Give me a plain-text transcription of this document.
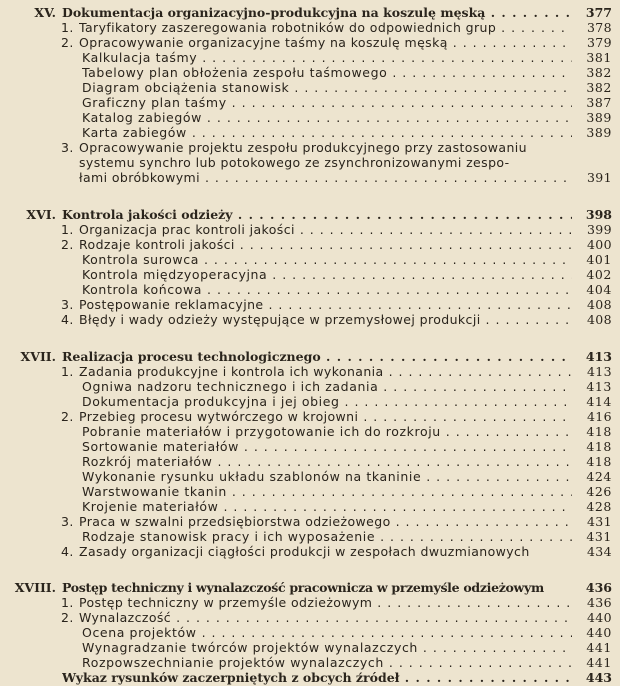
XV. Dokumentacja organizacyjno-produkcyjna na koszulę męską . . .	377
1. Taryfikatory zaszeregowania robotników do odpowiednich grup . . .	378
2. Opracowywanie organizacyjne taśmy na koszulę męską . . .	379
Kalkulacja taśmy . . .	381
Tabelowy plan obłożenia zespołu taśmowego . . .	382
Diagram obciążenia stanowisk . . .	382
Graficzny plan taśmy . . .	387
Katalog zabiegów . . .	389
Karta zabiegów . . .	389
3. Opracowywanie projektu zespołu produkcyjnego przy zastosowaniu
systemu synchro lub potokowego ze zsynchronizowanymi zespo-
łami obróbkowymi . . .	391
XVI. Kontrola jakości odzieży . . .	398
1. Organizacja prac kontroli jakości . . .	399
2. Rodzaje kontroli jakości . . .	400
Kontrola surowca . . .	401
Kontrola międzyoperacyjna . . .	402
Kontrola końcowa . . .	404
3. Postępowanie reklamacyjne . . .	408
4. Błędy i wady odzieży występujące w przemysłowej produkcji . . .	408
XVII. Realizacja procesu technologicznego . . .	413
1. Zadania produkcyjne i kontrola ich wykonania . . .	413
Ogniwa nadzoru technicznego i ich zadania . . .	413
Dokumentacja produkcyjna i jej obieg . . .	414
2. Przebieg procesu wytwórczego w krojowni . . .	416
Pobranie materiałów i przygotowanie ich do rozkroju . . .	418
Sortowanie materiałów . . .	418
Rozkrój materiałów . . .	418
Wykonanie rysunku układu szablonów na tkaninie . . .	424
Warstwowanie tkanin . . .	426
Krojenie materiałów . . .	428
3. Praca w szwalni przedsiębiorstwa odzieżowego . . .	431
Rodzaje stanowisk pracy i ich wyposażenie . . .	431
4. Zasady organizacji ciągłości produkcji w zespołach dwuzmianowych	434
XVIII. Postęp techniczny i wynalazczość pracownicza w przemyśle odzieżowym	436
1. Postęp techniczny w przemyśle odzieżowym . . .	436
2. Wynalazczość . . .	440
Ocena projektów . . .	440
Wynagradzanie twórców projektów wynalazczych . . .	441
Rozpowszechnianie projektów wynalazczych . . .	441
Wykaz rysunków zaczerpniętych z obcych źródeł . . .	443
